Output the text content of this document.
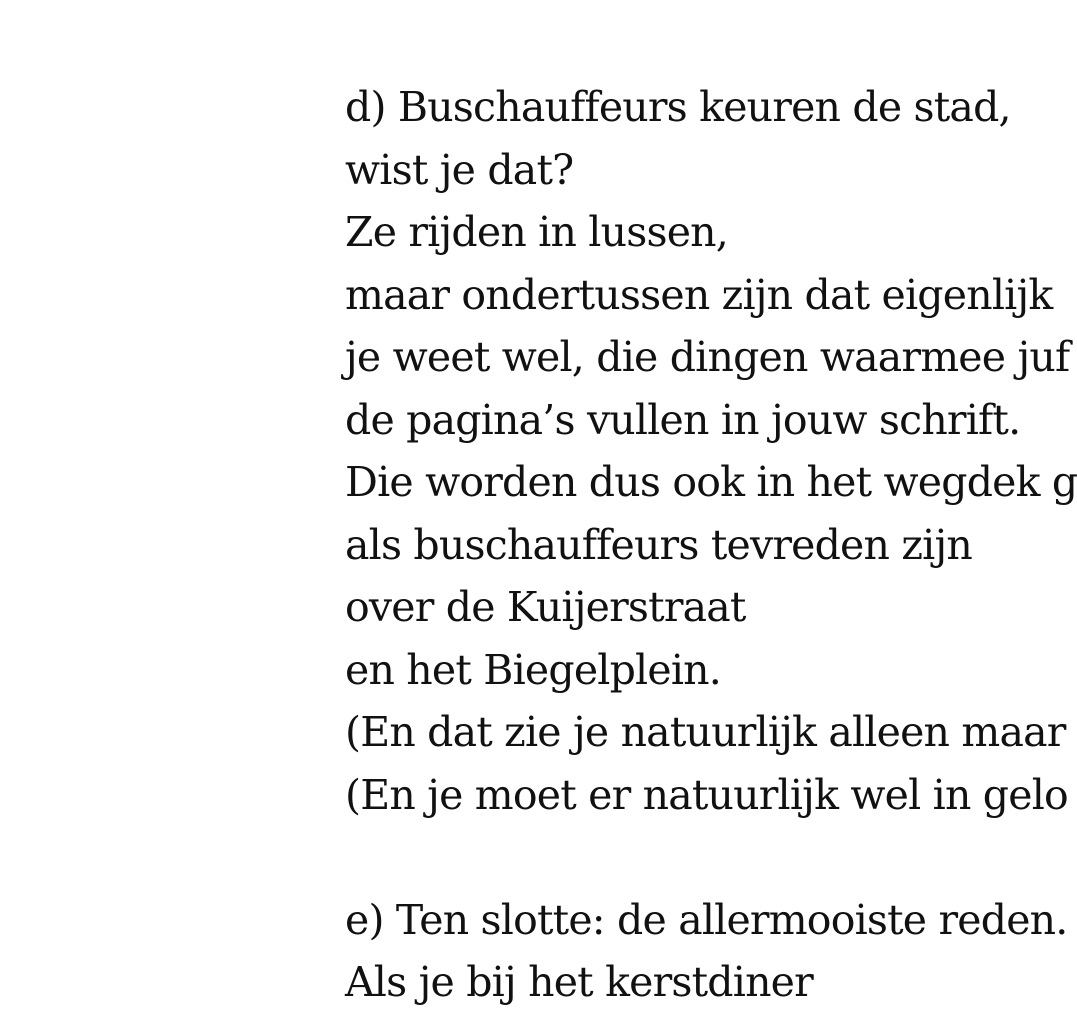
d) Buschauffeurs keuren de stad,
wist je dat?
Ze rijden in lussen,
maar ondertussen zijn dat eigenlijk
je weet wel, die dingen waarmee juf
de pagina’s vullen in jouw schrift.
Die worden dus ook in het wegdek g
als buschauffeurs tevreden zijn
over de Kuijerstraat
en het Biegelplein.
(En dat zie je natuurlijk alleen maar
(En je moet er natuurlijk wel in gelo
e) Ten slotte: de allermooiste reden.
Als je bij het kerstdiner
